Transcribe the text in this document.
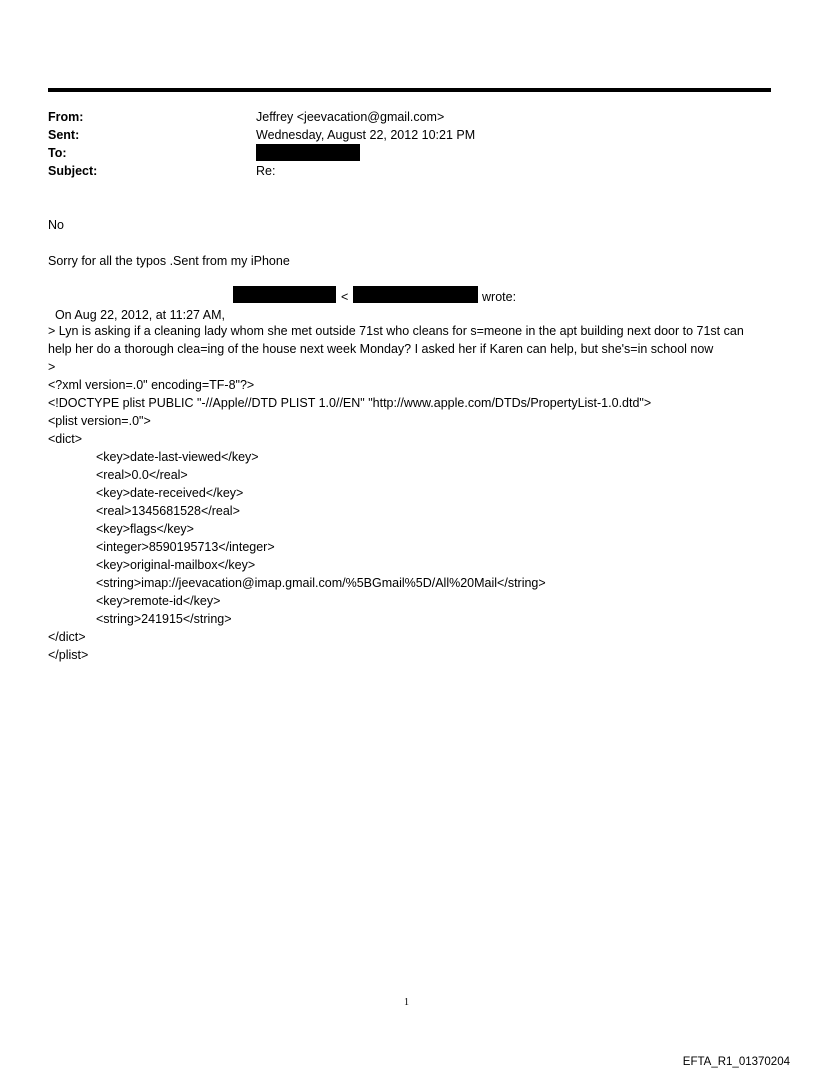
From:	Jeffrey <jeevacation@gmail.com>
Sent:	Wednesday, August 22, 2012 10:21 PM
To:
Subject:	Re:
No
Sorry for all the typos .Sent from my iPhone

On Aug 22, 2012, at 11:27 AM,

<	wrote:
> Lyn is asking if a cleaning lady whom she met outside 71st who cleans for s=meone in the apt building next door to 71st can help her do a thorough clea=ing of the house next week Monday? I asked her if Karen can help, but she's=in school now
>
<?xml version=.0" encoding=TF-8"?>
<!DOCTYPE plist PUBLIC "-//Apple//DTD PLIST 1.0//EN" "http://www.apple.com/DTDs/PropertyList-1.0.dtd">
<plist version=.0">
<dict>
<key>date-last-viewed</key>
<real>0.0</real>
<key>date-received</key>
<real>1345681528</real>
<key>flags</key>
<integer>8590195713</integer>
<key>original-mailbox</key>
<string>imap://jeevacation@imap.gmail.com/%5BGmail%5D/All%20Mail</string>
<key>remote-id</key>
<string>241915</string>
</dict>
</plist>
1
EFTA_R1_01370204
